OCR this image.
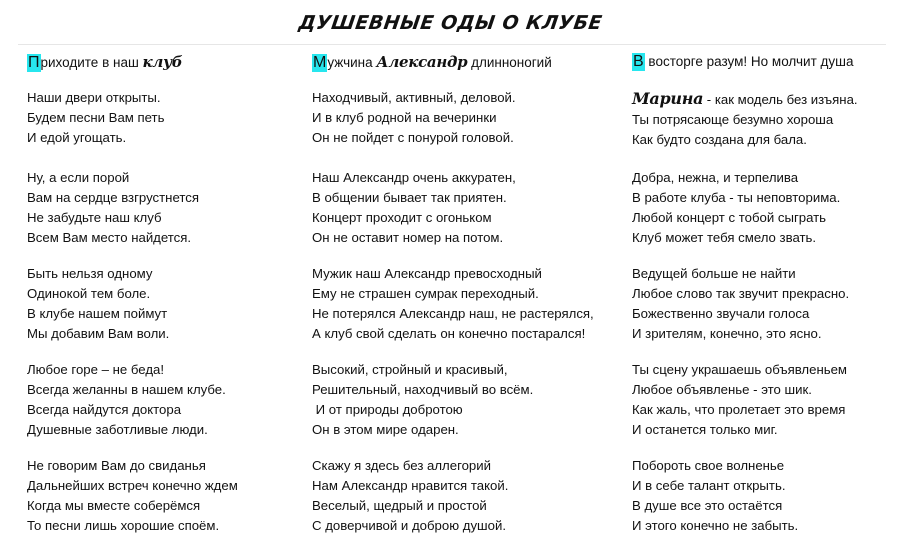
ДУШЕВНЫЕ ОДЫ О КЛУБЕ
Приходите в наш клуб
Наши двери открыты.
Будем песни Вам петь
И едой угощать.
Ну, а если порой
Вам на сердце взгрустнется
Не забудьте наш клуб
Всем Вам место найдется.
Быть нельзя одному
Одинокой тем боле.
В клубе нашем поймут
Мы добавим Вам воли.
Любое горе – не беда!
Всегда желанны в нашем клубе.
Всегда найдутся доктора
Душевные заботливые люди.
Не говорим Вам до свиданья
Дальнейших встреч конечно ждем
Когда мы вместе соберёмся
То песни лишь хорошие споём.
Мужчина Александр длинноногий
Находчивый, активный, деловой.
И в клуб родной на вечеринки
Он не пойдет с понурой головой.
Наш Александр очень аккуратен,
В общении бывает так приятен.
Концерт проходит с огоньком
Он не оставит номер на потом.
Мужик наш Александр превосходный
Ему не страшен сумрак переходный.
Не потерялся Александр наш, не растерялся,
А клуб свой сделать он конечно постарался!
Высокий, стройный и красивый,
Решительный, находчивый во всём.
И от природы добротою
Он в этом мире одарен.
Скажу я здесь без аллегорий
Нам Александр нравится такой.
Веселый, щедрый и простой
С доверчивой и доброю душой.
В восторге разум! Но молчит душа
Марина - как модель без изъяна.
Ты потрясающе безумно хороша
Как будто создана для бала.
Добра, нежна, и терпелива
В работе клуба - ты неповторима.
Любой концерт с тобой сыграть
Клуб может тебя смело звать.
Ведущей больше не найти
Любое слово так звучит прекрасно.
Божественно звучали голоса
И зрителям, конечно, это ясно.
Ты сцену украшаешь объявленьем
Любое объявленье - это шик.
Как жаль, что пролетает это время
И останется только миг.
Побороть свое волненье
И в себе талант открыть.
В душе все это остаётся
И этого конечно не забыть.
